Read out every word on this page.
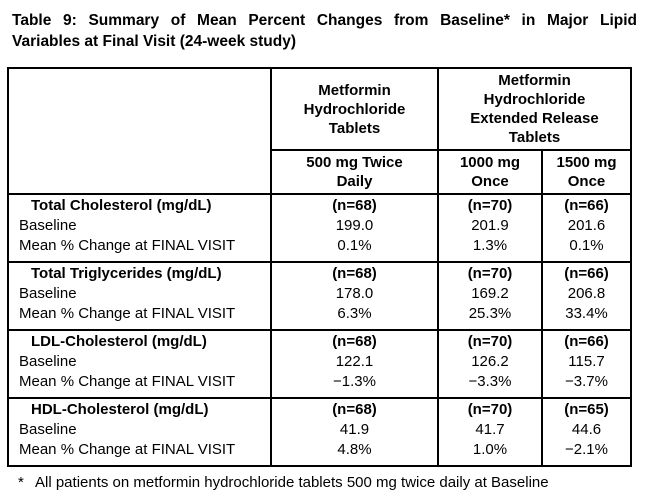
Table 9: Summary of Mean Percent Changes from Baseline* in Major Lipid
Variables at Final Visit (24-week study)
	Metformin Hydrochloride Tablets	Metformin Hydrochloride Extended Release Tablets	
	500 mg Twice Daily	1000 mg Once	1500 mg Once
Total Cholesterol (mg/dL)	(n=68)	(n=70)	(n=66)
Baseline	199.0	201.9	201.6
Mean % Change at FINAL VISIT	0.1%	1.3%	0.1%
Total Triglycerides (mg/dL)	(n=68)	(n=70)	(n=66)
Baseline	178.0	169.2	206.8
Mean % Change at FINAL VISIT	6.3%	25.3%	33.4%
LDL-Cholesterol (mg/dL)	(n=68)	(n=70)	(n=66)
Baseline	122.1	126.2	115.7
Mean % Change at FINAL VISIT	−1.3%	−3.3%	−3.7%
HDL-Cholesterol (mg/dL)	(n=68)	(n=70)	(n=65)
Baseline	41.9	41.7	44.6
Mean % Change at FINAL VISIT	4.8%	1.0%	−2.1%
* All patients on metformin hydrochloride tablets 500 mg twice daily at Baseline
